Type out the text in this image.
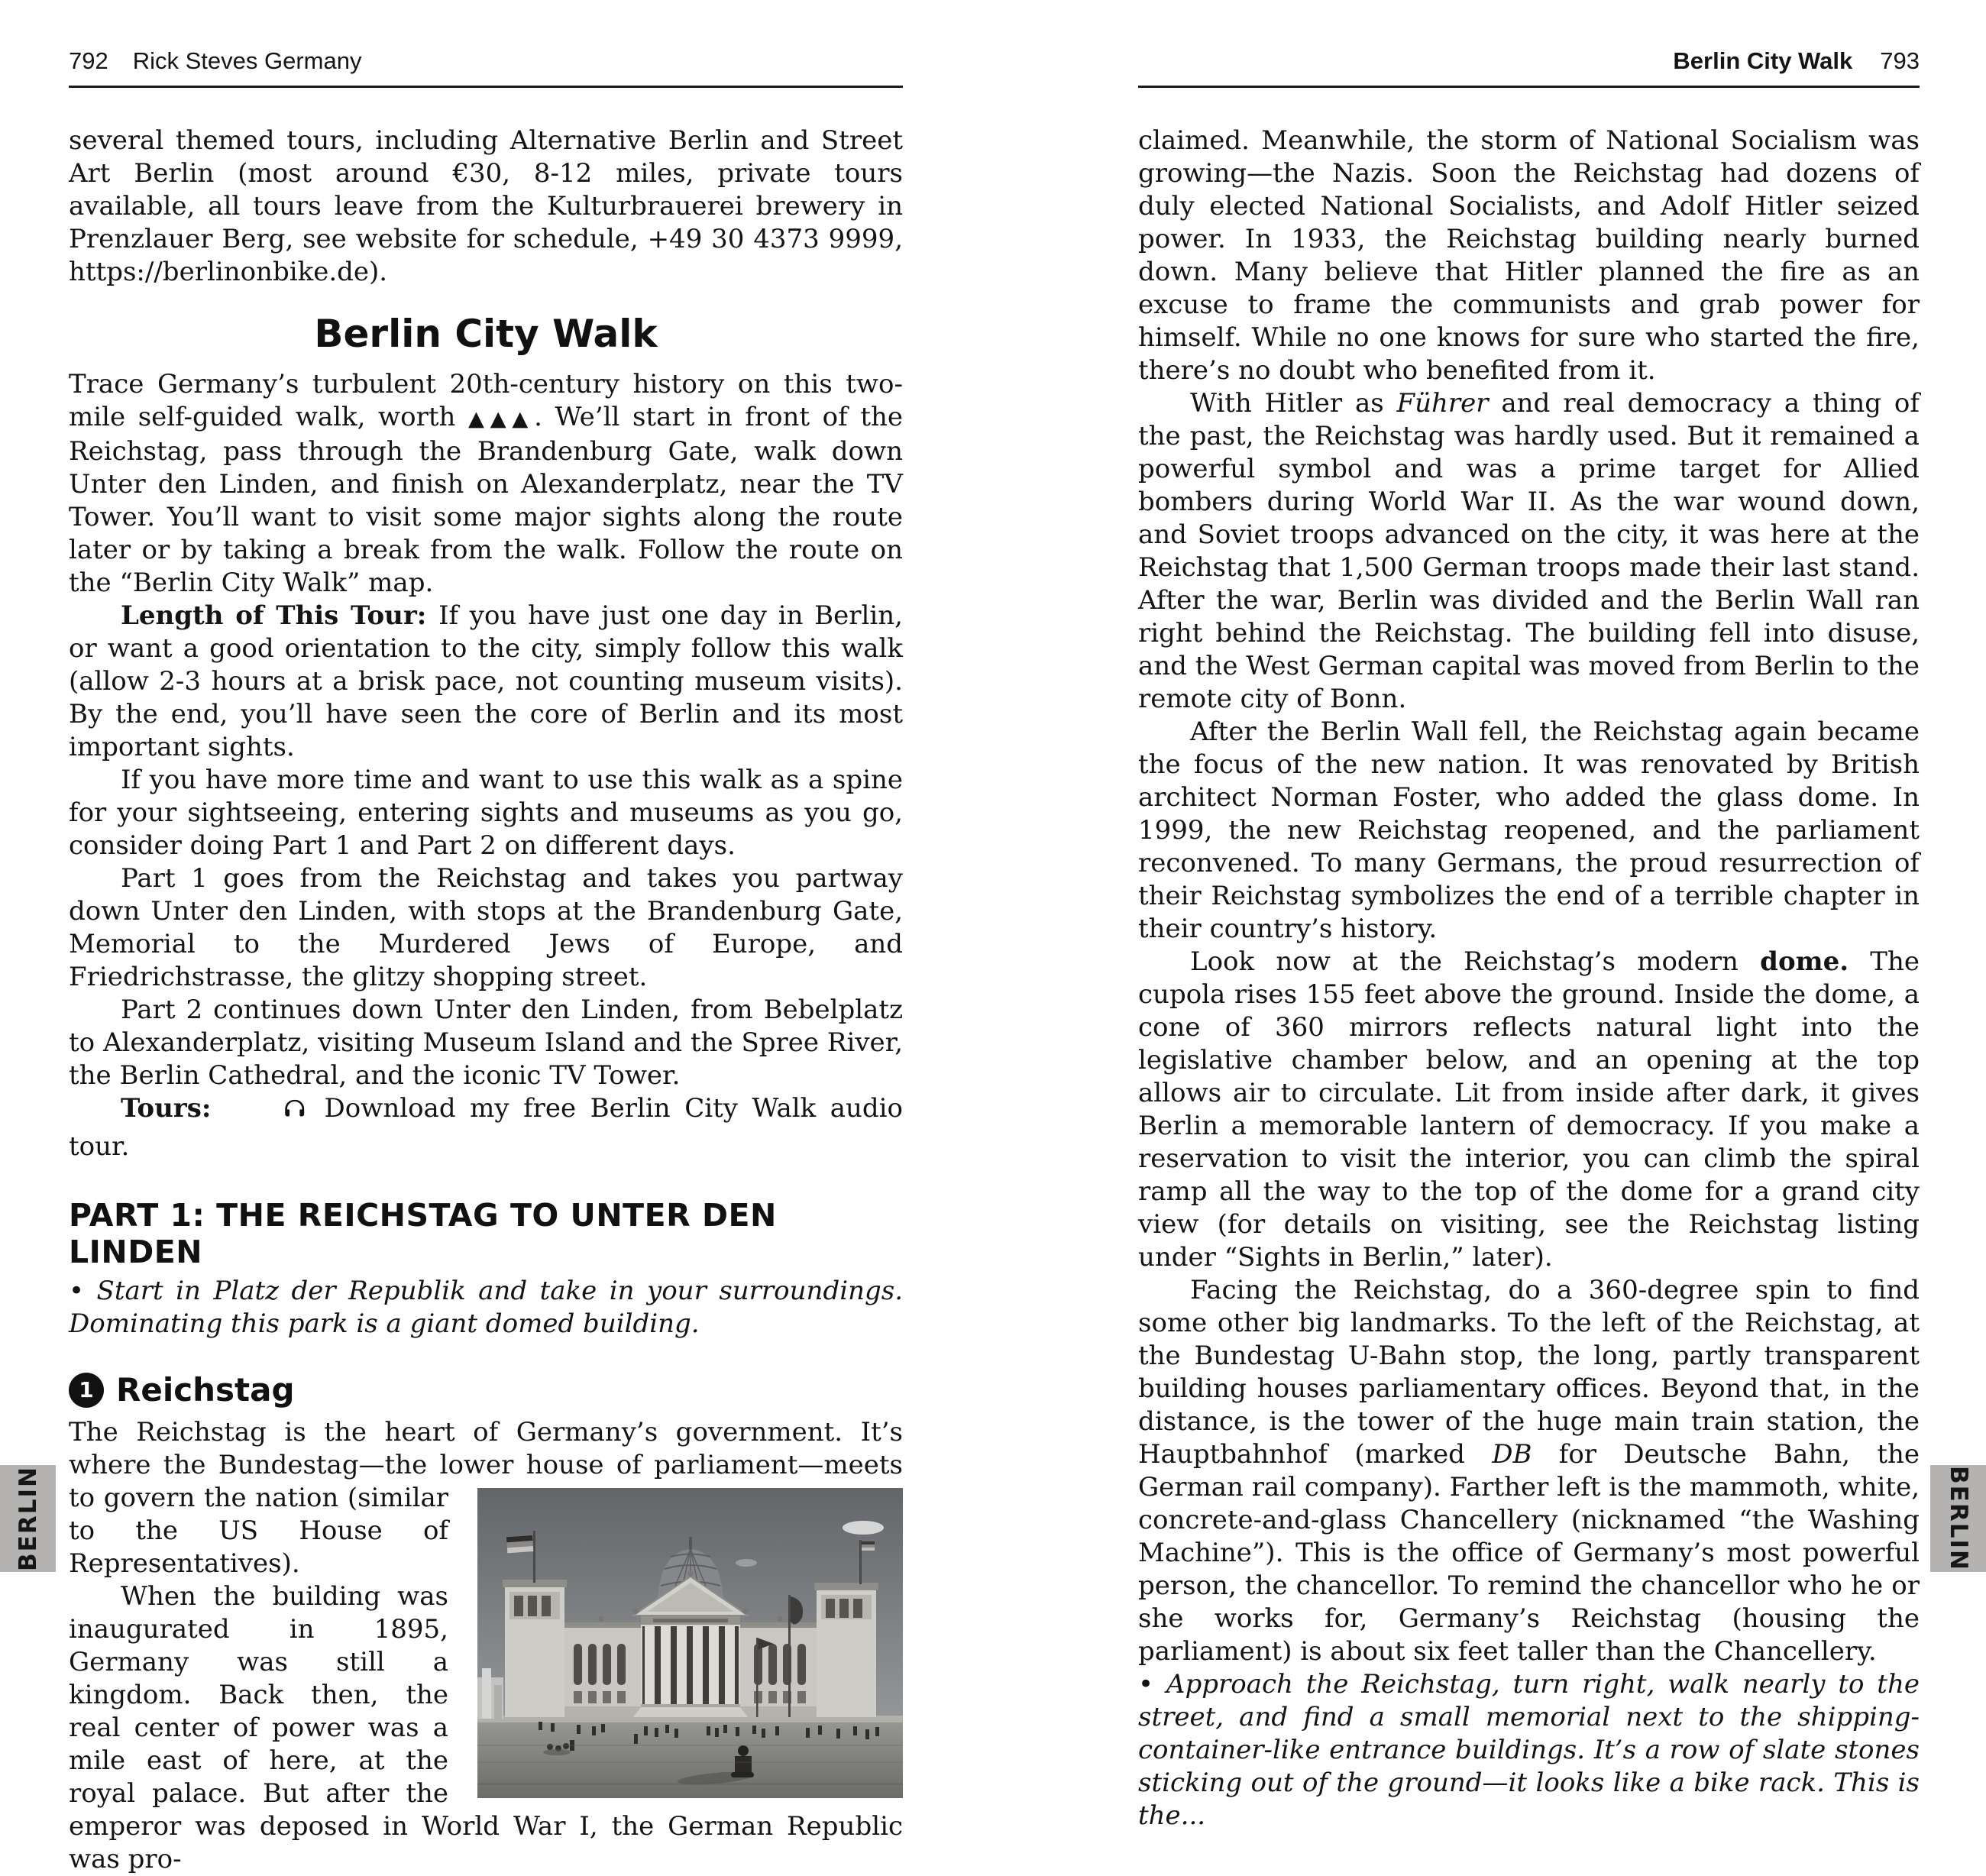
792 Rick Steves Germany

several themed tours, including Alternative Berlin and Street Art Berlin (most around €30, 8-12 miles, private tours available, all tours leave from the Kulturbrauerei brewery in Prenzlauer Berg, see website for schedule, +49 30 4373 9999, https://berlinonbike.de).

Berlin City Walk

Trace Germany’s turbulent 20th-century history on this two-mile self-guided walk, worth ▲▲▲. We’ll start in front of the Reichstag, pass through the Brandenburg Gate, walk down Unter den Linden, and finish on Alexanderplatz, near the TV Tower. You’ll want to visit some major sights along the route later or by taking a break from the walk. Follow the route on the “Berlin City Walk” map.

Length of This Tour: If you have just one day in Berlin, or want a good orientation to the city, simply follow this walk (allow 2-3 hours at a brisk pace, not counting museum visits). By the end, you’ll have seen the core of Berlin and its most important sights.

If you have more time and want to use this walk as a spine for your sightseeing, entering sights and museums as you go, consider doing Part 1 and Part 2 on different days.

Part 1 goes from the Reichstag and takes you partway down Unter den Linden, with stops at the Brandenburg Gate, Memorial to the Murdered Jews of Europe, and Friedrichstrasse, the glitzy shopping street.

Part 2 continues down Unter den Linden, from Bebelplatz to Alexanderplatz, visiting Museum Island and the Spree River, the Berlin Cathedral, and the iconic TV Tower.

Tours:	Download my free Berlin City Walk audio tour.

PART 1: THE REICHSTAG TO UNTER DEN LINDEN

• Start in Platz der Republik and take in your surroundings. Dominating this park is a giant domed building.

1 Reichstag

The Reichstag is the heart of Germany’s government. It’s where the Bundestag—the lower house of parliament—meets to govern the
nation (similar to the US House of Representatives).

When the building was inaugurated in 1895, Germany was still a kingdom. Back then, the real center of power was a mile east of here, at the royal palace. But after the emperor was deposed in World War I, the German Republic was pro-

Berlin City Walk 793

claimed. Meanwhile, the storm of National Socialism was growing—the Nazis. Soon the Reichstag had dozens of duly elected National Socialists, and Adolf Hitler seized power. In 1933, the Reichstag building nearly burned down. Many believe that Hitler planned the fire as an excuse to frame the communists and grab power for himself. While no one knows for sure who started the fire, there’s no doubt who benefited from it.

With Hitler as Führer and real democracy a thing of the past, the Reichstag was hardly used. But it remained a powerful symbol and was a prime target for Allied bombers during World War II. As the war wound down, and Soviet troops advanced on the city, it was here at the Reichstag that 1,500 German troops made their last stand. After the war, Berlin was divided and the Berlin Wall ran right behind the Reichstag. The building fell into disuse, and the West German capital was moved from Berlin to the remote city of Bonn.

After the Berlin Wall fell, the Reichstag again became the focus of the new nation. It was renovated by British architect Norman Foster, who added the glass dome. In 1999, the new Reichstag reopened, and the parliament reconvened. To many Germans, the proud resurrection of their Reichstag symbolizes the end of a terrible chapter in their country’s history.

Look now at the Reichstag’s modern dome. The cupola rises 155 feet above the ground. Inside the dome, a cone of 360 mirrors reflects natural light into the legislative chamber below, and an opening at the top allows air to circulate. Lit from inside after dark, it gives Berlin a memorable lantern of democracy. If you make a reservation to visit the interior, you can climb the spiral ramp all the way to the top of the dome for a grand city view (for details on visiting, see the Reichstag listing under “Sights in Berlin,” later).

Facing the Reichstag, do a 360-degree spin to find some other big landmarks. To the left of the Reichstag, at the Bundestag U-Bahn stop, the long, partly transparent building houses parliamentary offices. Beyond that, in the distance, is the tower of the huge main train station, the Hauptbahnhof (marked DB for Deutsche Bahn, the German rail company). Farther left is the mammoth, white, concrete-and-glass Chancellery (nicknamed “the Washing Machine”). This is the office of Germany’s most powerful person, the chancellor. To remind the chancellor who he or she works for, Germany’s Reichstag (housing the parliament) is about six feet taller than the Chancellery.

• Approach the Reichstag, turn right, walk nearly to the street, and find a small memorial next to the shipping-container-like entrance buildings. It’s a row of slate stones sticking out of the ground—it looks like a bike rack. This is the...

BERLIN	BERLIN
